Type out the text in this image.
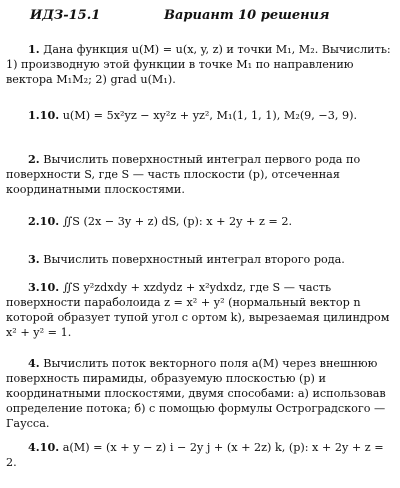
ИДЗ-15.1	Вариант 10 решения
1. Дана функция u(M) = u(x, y, z) и точки M₁, M₂. Вычислить: 1) производную этой функции в точке M₁ по направлению вектора M₁M₂; 2) grad u(M₁).
1.10. u(M) = 5x²yz − xy²z + yz², M₁(1, 1, 1), M₂(9, −3, 9).
2. Вычислить поверхностный интеграл первого рода по поверхности S, где S — часть плоскости (p), отсеченная координатными плоскостями.
2.10. ∬S (2x − 3y + z) dS, (p): x + 2y + z = 2.
3. Вычислить поверхностный интеграл второго рода.
3.10. ∬S y²zdxdy + xzdydz + x²ydxdz, где S — часть поверхности параболоида z = x² + y² (нормальный вектор n которой образует тупой угол с ортом k), вырезаемая цилиндром x² + y² = 1.
4. Вычислить поток векторного поля a(M) через внешнюю поверхность пирамиды, образуемую плоскостью (p) и координатными плоскостями, двумя способами: а) использовав определение потока; б) с помощью формулы Остроградского — Гаусса.
4.10. a(M) = (x + y − z) i − 2y j + (x + 2z) k, (p): x + 2y + z = 2.
